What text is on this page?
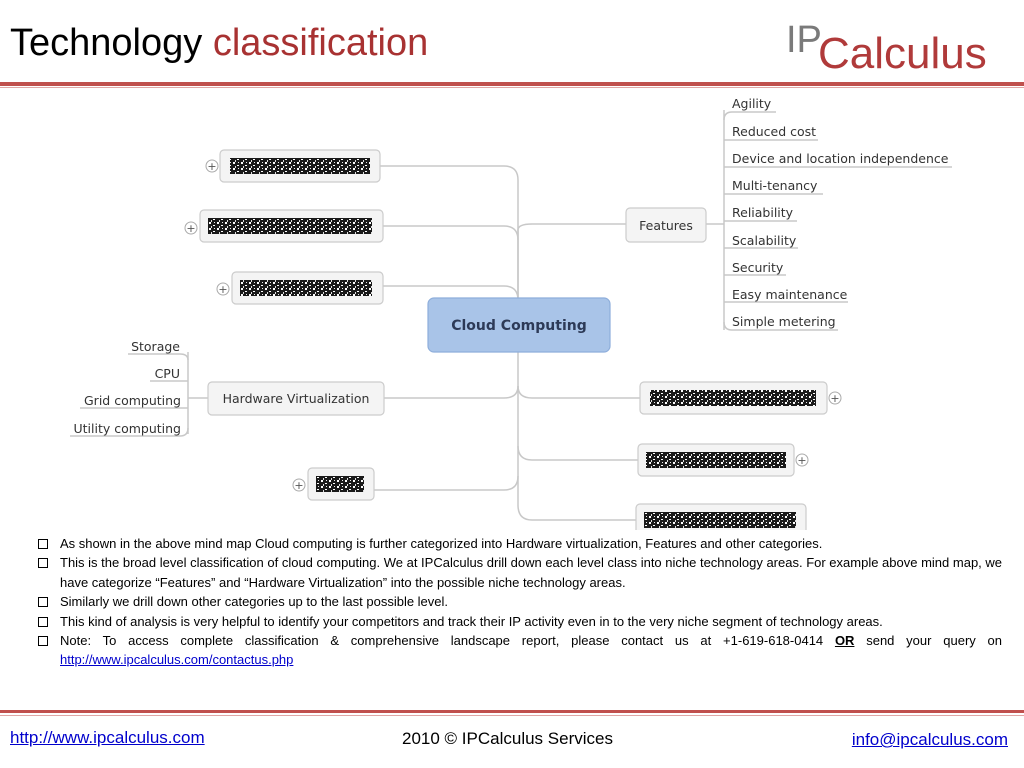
Technology classification	IP
Calculus
Features
Hardware Virtualization
Cloud Computing
Agility
Reduced cost
Device and location independence
Multi-tenancy
Reliability
Scalability
Security
Easy maintenance
Simple metering
Storage
CPU
Grid computing
Utility computing
+
+
+
+
+
+
As shown in the above mind map Cloud computing is further categorized into Hardware virtualization, Features and other categories.
This is the broad level classification of cloud computing. We at IPCalculus drill down each level class into niche technology areas. For example above mind map, we have categorize “Features” and “Hardware Virtualization” into the possible niche technology areas.
Similarly we drill down other categories up to the last possible level.
This kind of analysis is very helpful to identify your competitors and track their IP activity even in to the very niche segment of technology areas.
Note: To access complete classification & comprehensive landscape report, please contact us at +1-619-618-0414 OR send your query on http://www.ipcalculus.com/contactus.php
http://www.ipcalculus.com	2010 © IPCalculus Services	info@ipcalculus.com
